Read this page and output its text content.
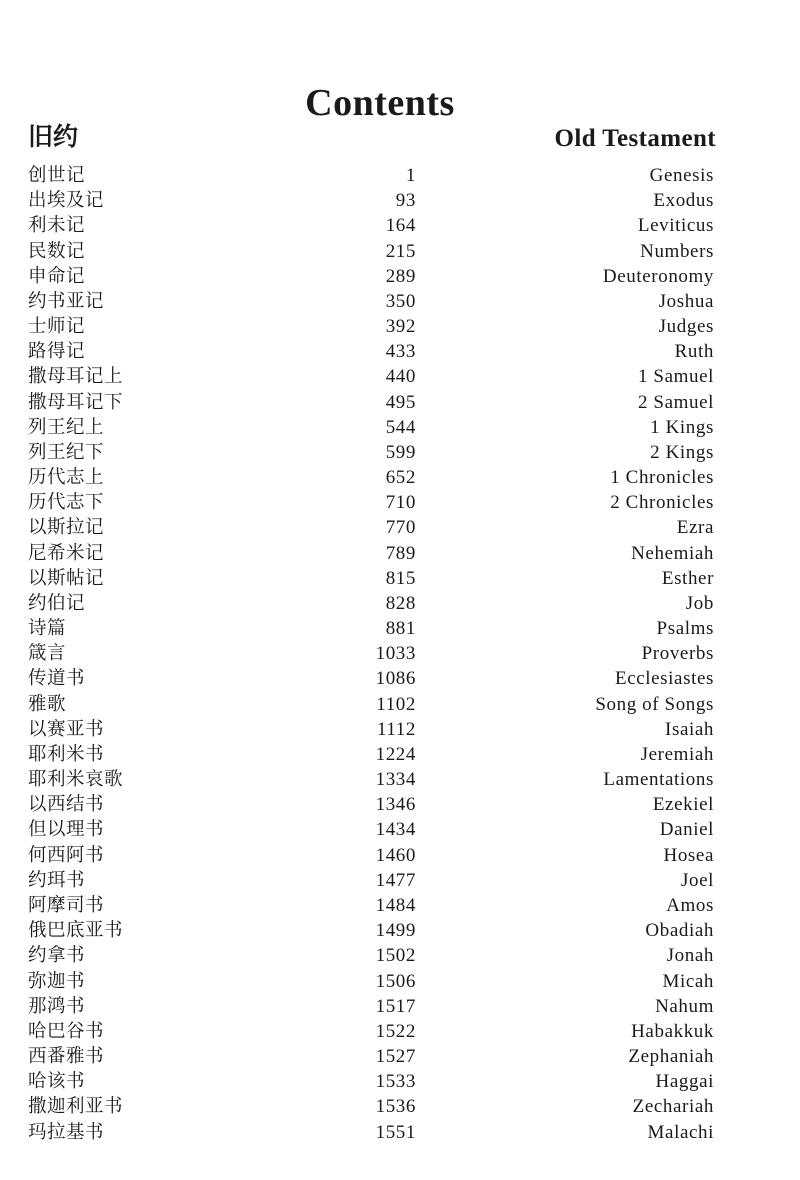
Contents
旧约	Old Testament
创世记	1	Genesis
出埃及记	93	Exodus
利未记	164	Leviticus
民数记	215	Numbers
申命记	289	Deuteronomy
约书亚记	350	Joshua
士师记	392	Judges
路得记	433	Ruth
撒母耳记上	440	1 Samuel
撒母耳记下	495	2 Samuel
列王纪上	544	1 Kings
列王纪下	599	2 Kings
历代志上	652	1 Chronicles
历代志下	710	2 Chronicles
以斯拉记	770	Ezra
尼希米记	789	Nehemiah
以斯帖记	815	Esther
约伯记	828	Job
诗篇	881	Psalms
箴言	1033	Proverbs
传道书	1086	Ecclesiastes
雅歌	1102	Song of Songs
以赛亚书	1112	Isaiah
耶利米书	1224	Jeremiah
耶利米哀歌	1334	Lamentations
以西结书	1346	Ezekiel
但以理书	1434	Daniel
何西阿书	1460	Hosea
约珥书	1477	Joel
阿摩司书	1484	Amos
俄巴底亚书	1499	Obadiah
约拿书	1502	Jonah
弥迦书	1506	Micah
那鸿书	1517	Nahum
哈巴谷书	1522	Habakkuk
西番雅书	1527	Zephaniah
哈该书	1533	Haggai
撒迦利亚书	1536	Zechariah
玛拉基书	1551	Malachi
